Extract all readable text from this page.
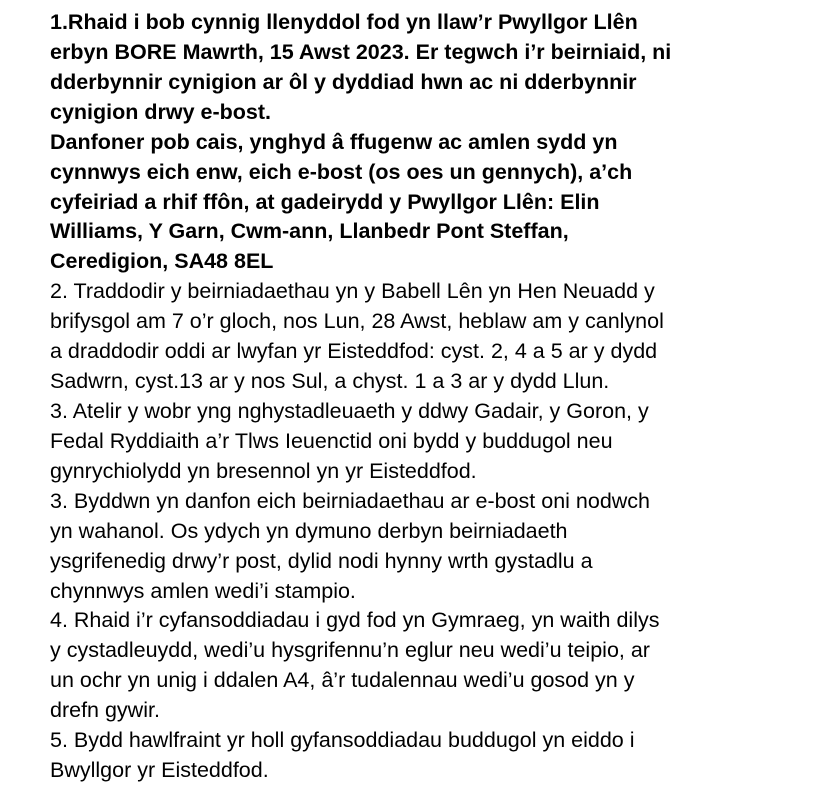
1.Rhaid i bob cynnig llenyddol fod yn llaw’r Pwyllgor Llên

erbyn BORE Mawrth, 15 Awst 2023. Er tegwch i’r beirniaid, ni

dderbynnir cynigion ar ôl y dyddiad hwn ac ni dderbynnir

cynigion drwy e-bost.

Danfoner pob cais, ynghyd â ffugenw ac amlen sydd yn

cynnwys eich enw, eich e-bost (os oes un gennych), a’ch

cyfeiriad a rhif ffôn, at gadeirydd y Pwyllgor Llên: Elin

Williams, Y Garn, Cwm-ann, Llanbedr Pont Steffan,

Ceredigion, SA48 8EL

2. Traddodir y beirniadaethau yn y Babell Lên yn Hen Neuadd y

brifysgol am 7 o’r gloch, nos Lun, 28 Awst, heblaw am y canlynol

a draddodir oddi ar lwyfan yr Eisteddfod: cyst. 2, 4 a 5 ar y dydd

Sadwrn, cyst.13 ar y nos Sul, a chyst. 1 a 3 ar y dydd Llun.

3. Atelir y wobr yng nghystadleuaeth y ddwy Gadair, y Goron, y

Fedal Ryddiaith a’r Tlws Ieuenctid oni bydd y buddugol neu

gynrychiolydd yn bresennol yn yr Eisteddfod.

3. Byddwn yn danfon eich beirniadaethau ar e-bost oni nodwch

yn wahanol. Os ydych yn dymuno derbyn beirniadaeth

ysgrifenedig drwy’r post, dylid nodi hynny wrth gystadlu a

chynnwys amlen wedi’i stampio.

4. Rhaid i’r cyfansoddiadau i gyd fod yn Gymraeg, yn waith dilys

y cystadleuydd, wedi’u hysgrifennu’n eglur neu wedi’u teipio, ar

un ochr yn unig i ddalen A4, â’r tudalennau wedi’u gosod yn y

drefn gywir.

5. Bydd hawlfraint yr holl gyfansoddiadau buddugol yn eiddo i

Bwyllgor yr Eisteddfod.
